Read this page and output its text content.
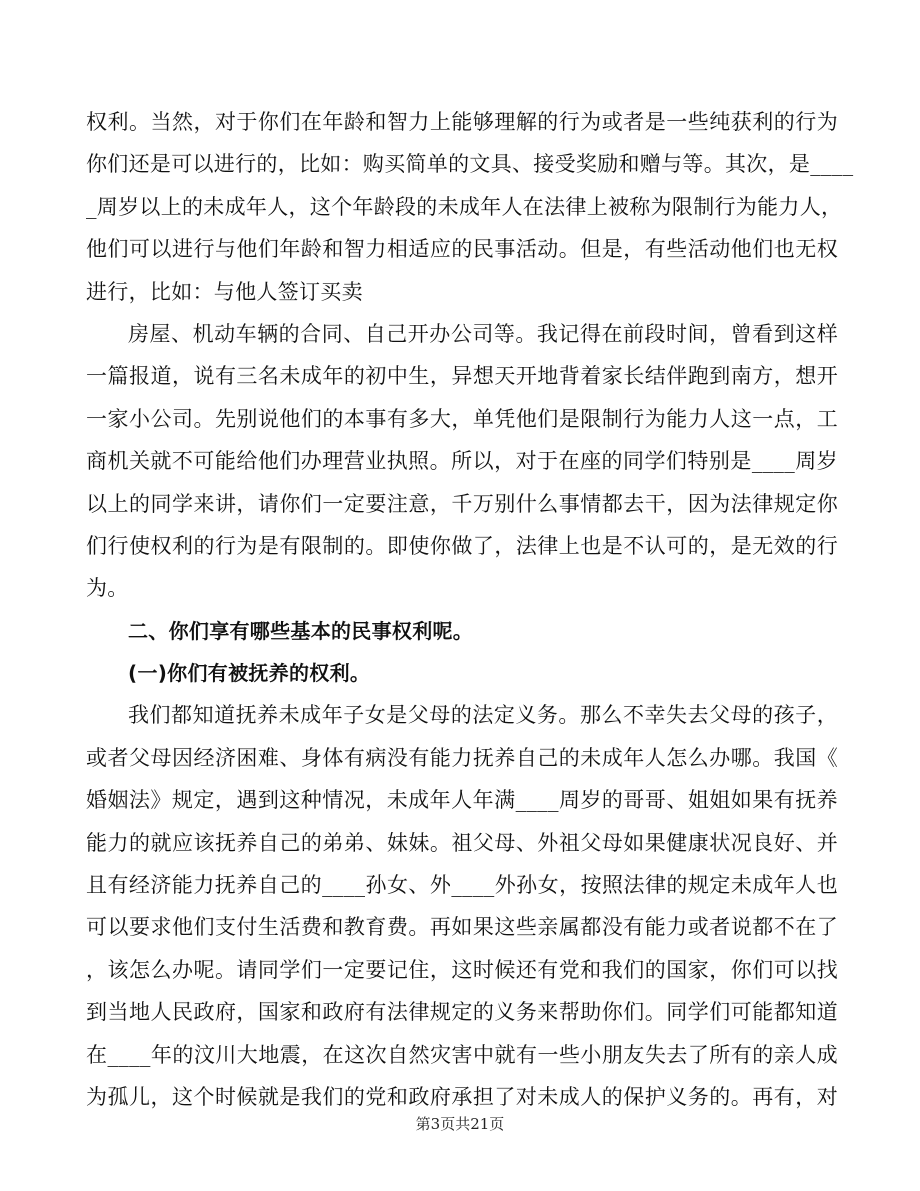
权利。当然，对于你们在年龄和智力上能够理解的行为或者是一些纯获利的行为
你们还是可以进行的，比如：购买简单的文具、接受奖励和赠与等。其次，是____
_周岁以上的未成年人，这个年龄段的未成年人在法律上被称为限制行为能力人，
他们可以进行与他们年龄和智力相适应的民事活动。但是，有些活动他们也无权
进行，比如：与他人签订买卖
房屋、机动车辆的合同、自己开办公司等。我记得在前段时间，曾看到这样
一篇报道，说有三名未成年的初中生，异想天开地背着家长结伴跑到南方，想开
一家小公司。先别说他们的本事有多大，单凭他们是限制行为能力人这一点，工
商机关就不可能给他们办理营业执照。所以，对于在座的同学们特别是____周岁
以上的同学来讲，请你们一定要注意，千万别什么事情都去干，因为法律规定你
们行使权利的行为是有限制的。即使你做了，法律上也是不认可的，是无效的行
为。
二、你们享有哪些基本的民事权利呢。
(一)你们有被抚养的权利。
我们都知道抚养未成年子女是父母的法定义务。那么不幸失去父母的孩子，
或者父母因经济困难、身体有病没有能力抚养自己的未成年人怎么办哪。我国《
婚姻法》规定，遇到这种情况，未成年人年满____周岁的哥哥、姐姐如果有抚养
能力的就应该抚养自己的弟弟、妹妹。祖父母、外祖父母如果健康状况良好、并
且有经济能力抚养自己的____孙女、外____外孙女，按照法律的规定未成年人也
可以要求他们支付生活费和教育费。再如果这些亲属都没有能力或者说都不在了
，该怎么办呢。请同学们一定要记住，这时候还有党和我们的国家，你们可以找
到当地人民政府，国家和政府有法律规定的义务来帮助你们。同学们可能都知道
在____年的汶川大地震，在这次自然灾害中就有一些小朋友失去了所有的亲人成
为孤儿，这个时候就是我们的党和政府承担了对未成人的保护义务的。再有，对
第3页共21页
